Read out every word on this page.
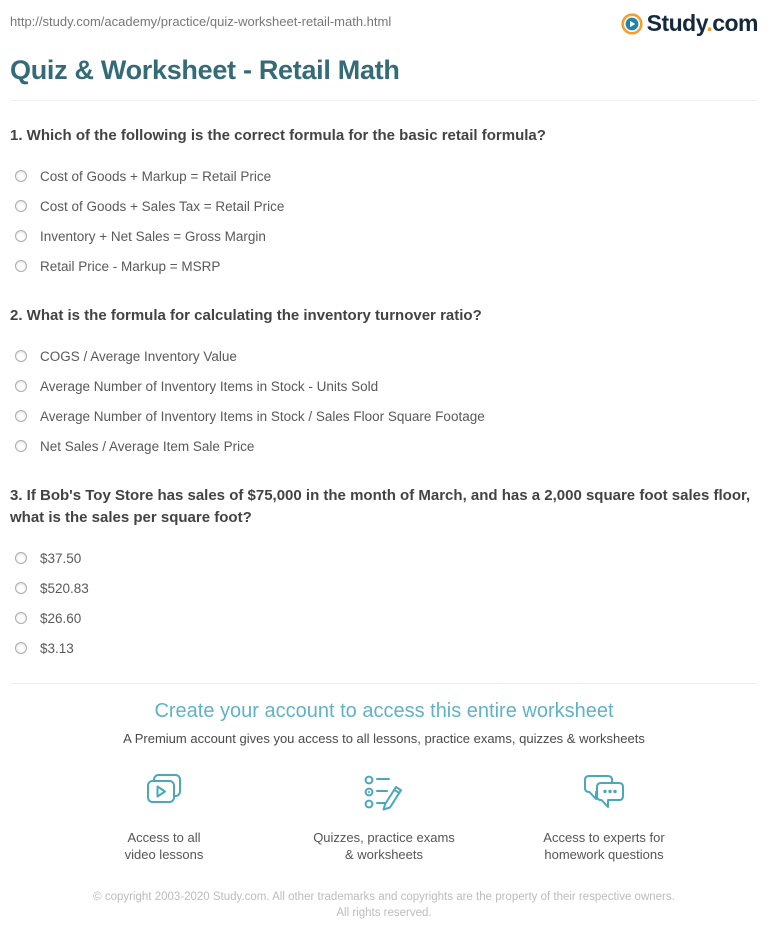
http://study.com/academy/practice/quiz-worksheet-retail-math.html	Study.com
Quiz & Worksheet - Retail Math
1. Which of the following is the correct formula for the basic retail formula?
Cost of Goods + Markup = Retail Price
Cost of Goods + Sales Tax = Retail Price
Inventory + Net Sales = Gross Margin
Retail Price - Markup = MSRP
2. What is the formula for calculating the inventory turnover ratio?
COGS / Average Inventory Value
Average Number of Inventory Items in Stock - Units Sold
Average Number of Inventory Items in Stock / Sales Floor Square Footage
Net Sales / Average Item Sale Price
3. If Bob's Toy Store has sales of $75,000 in the month of March, and has a 2,000 square foot sales floor, what is the sales per square foot?
$37.50
$520.83
$26.60
$3.13
Create your account to access this entire worksheet

A Premium account gives you access to all lessons, practice exams, quizzes & worksheets

Access to all
video lessons
Quizzes, practice exams
& worksheets
Access to experts for
homework questions

© copyright 2003-2020 Study.com. All other trademarks and copyrights are the property of their respective owners. All rights reserved.
